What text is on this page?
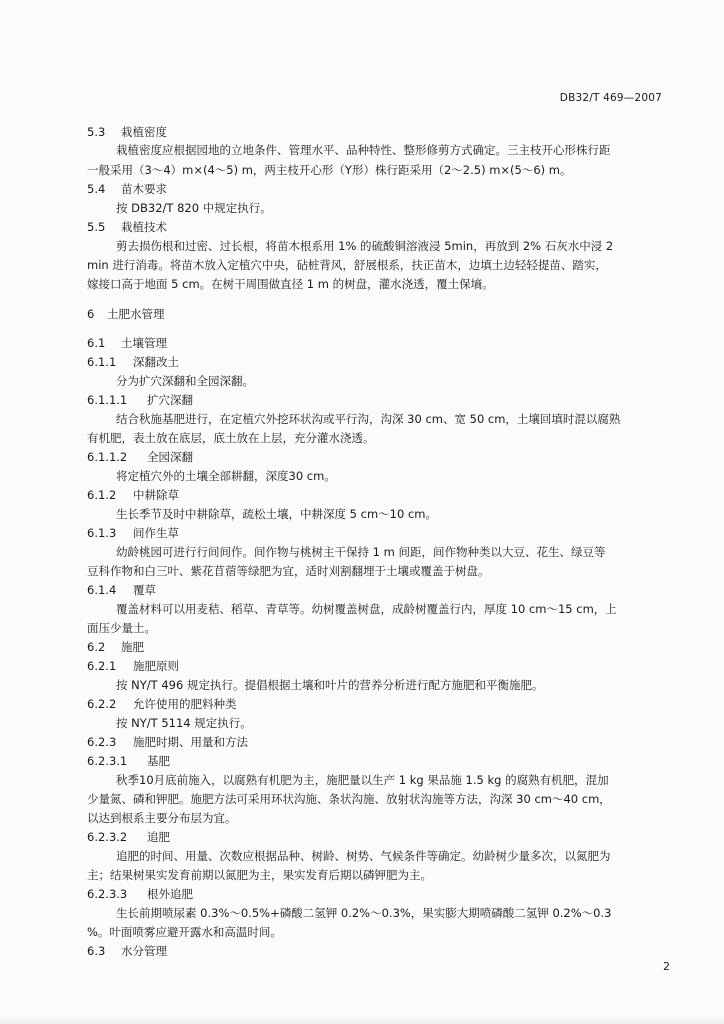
DB32/T 469—2007
5.3 栽植密度
栽植密度应根据园地的立地条件、管理水平、品种特性、整形修剪方式确定。三主枝开心形株行距
一般采用（3～4）m×(4～5) m，两主枝开心形（Y形）株行距采用（2～2.5) m×(5～6) m。
5.4 苗木要求
按 DB32/T 820 中规定执行。
5.5 栽植技术
剪去损伤根和过密、过长根，将苗木根系用 1% 的硫酸铜溶液浸 5min，再放到 2% 石灰水中浸 2
min 进行消毒。将苗木放入定植穴中央，砧桩背风，舒展根系，扶正苗木，边填土边轻轻提苗、踏实，
嫁接口高于地面 5 cm。在树干周围做直径 1 m 的树盘，灌水浇透，覆土保墒。
6 土肥水管理
6.1 土壤管理
6.1.1 深翻改土
分为扩穴深翻和全园深翻。
6.1.1.1 扩穴深翻
结合秋施基肥进行，在定植穴外挖环状沟或平行沟，沟深 30 cm、宽 50 cm，土壤回填时混以腐熟
有机肥，表土放在底层，底土放在上层，充分灌水浇透。
6.1.1.2 全园深翻
将定植穴外的土壤全部耕翻，深度30 cm。
6.1.2 中耕除草
生长季节及时中耕除草，疏松土壤，中耕深度 5 cm～10 cm。
6.1.3 间作生草
幼龄桃园可进行行间间作。间作物与桃树主干保持 1 m 间距，间作物种类以大豆、花生、绿豆等
豆科作物和白三叶、紫花苜蓿等绿肥为宜，适时刈割翻埋于土壤或覆盖于树盘。
6.1.4 覆草
覆盖材料可以用麦秸、稻草、青草等。幼树覆盖树盘，成龄树覆盖行内，厚度 10 cm～15 cm，上
面压少量土。
6.2 施肥
6.2.1 施肥原则
按 NY/T 496 规定执行。提倡根据土壤和叶片的营养分析进行配方施肥和平衡施肥。
6.2.2 允许使用的肥料种类
按 NY/T 5114 规定执行。
6.2.3 施肥时期、用量和方法
6.2.3.1 基肥
秋季10月底前施入，以腐熟有机肥为主，施肥量以生产 1 kg 果品施 1.5 kg 的腐熟有机肥，混加
少量氮、磷和钾肥。施肥方法可采用环状沟施、条状沟施、放射状沟施等方法，沟深 30 cm～40 cm，
以达到根系主要分布层为宜。
6.2.3.2 追肥
追肥的时间、用量、次数应根据品种、树龄、树势、气候条件等确定。幼龄树少量多次，以氮肥为
主；结果树果实发育前期以氮肥为主，果实发育后期以磷钾肥为主。
6.2.3.3 根外追肥
生长前期喷尿素 0.3%～0.5%+磷酸二氢钾 0.2%～0.3%，果实膨大期喷磷酸二氢钾 0.2%～0.3
%。叶面喷雾应避开露水和高温时间。
6.3 水分管理
2
